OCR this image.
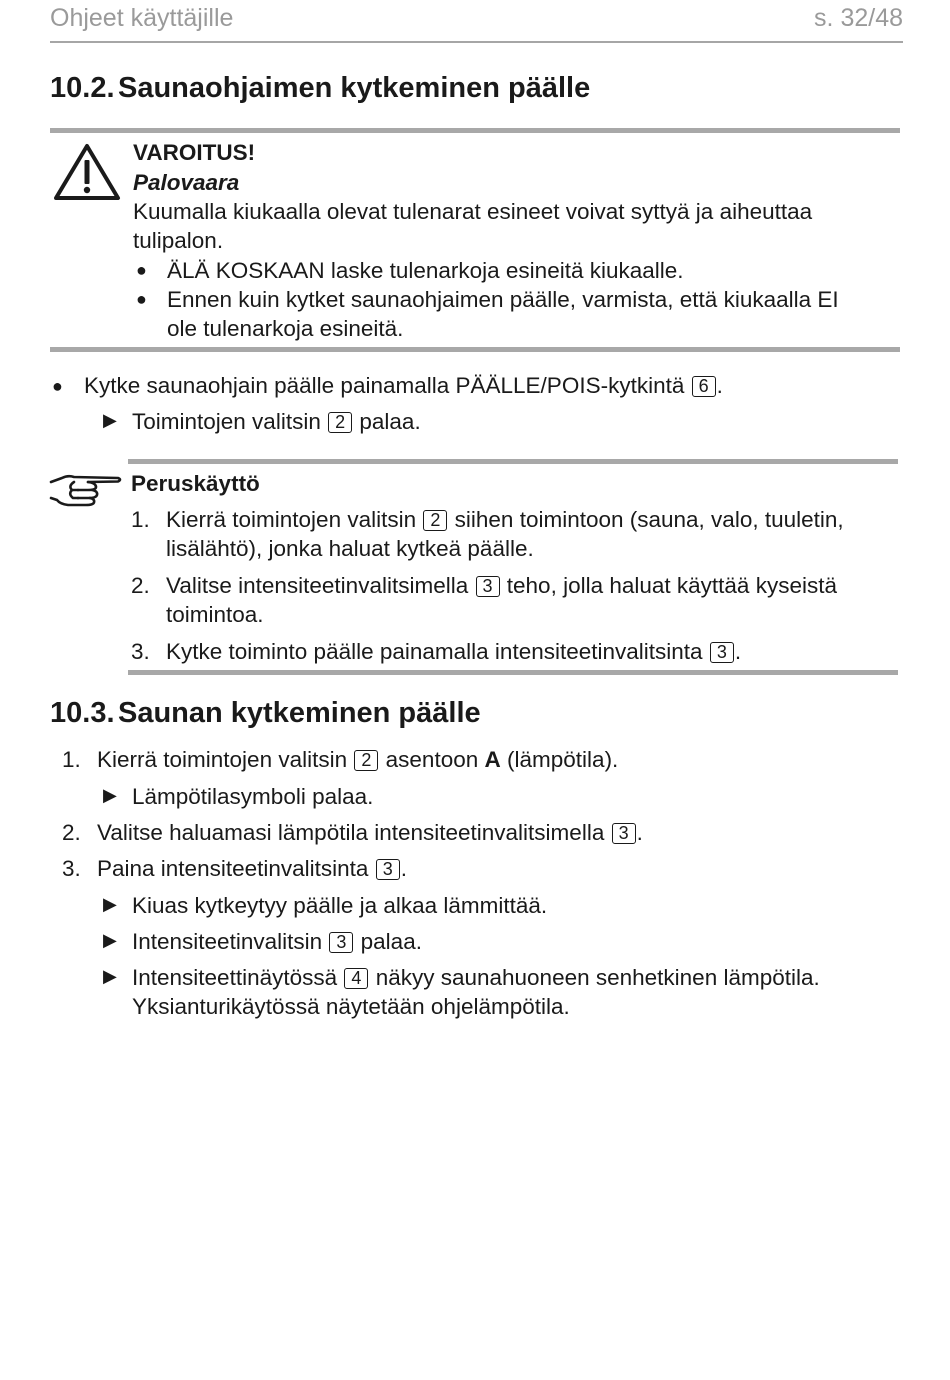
Ohjeet käyttäjille	s. 32/48
10.2. Saunaohjaimen kytkeminen päälle
VAROITUS!
Palovaara
Kuumalla kiukaalla olevat tulenarat esineet voivat syttyä ja aiheuttaa
tulipalon.
● ÄLÄ KOSKAAN laske tulenarkoja esineitä kiukaalle.
● Ennen kuin kytket saunaohjaimen päälle, varmista, että kiukaalla EI
ole tulenarkoja esineitä.
● Kytke saunaohjain päälle painamalla PÄÄLLE/POIS-kytkintä 6 .
▶ Toimintojen valitsin 2 palaa.
Peruskäyttö
1. Kierrä toimintojen valitsin 2 siihen toimintoon (sauna, valo, tuuletin,
lisälähtö), jonka haluat kytkeä päälle.
2. Valitse intensiteetinvalitsimella 3 teho, jolla haluat käyttää kyseistä
toimintoa.
3. Kytke toiminto päälle painamalla intensiteetinvalitsinta 3 .
10.3. Saunan kytkeminen päälle
1. Kierrä toimintojen valitsin 2 asentoon A (lämpötila).
▶ Lämpötilasymboli palaa.
2. Valitse haluamasi lämpötila intensiteetinvalitsimella 3 .
3. Paina intensiteetinvalitsinta 3 .
▶ Kiuas kytkeytyy päälle ja alkaa lämmittää.
▶ Intensiteetinvalitsin 3 palaa.
▶ Intensiteettinäytössä 4 näkyy saunahuoneen senhetkinen lämpötila.
Yksianturikäytössä näytetään ohjelämpötila.
